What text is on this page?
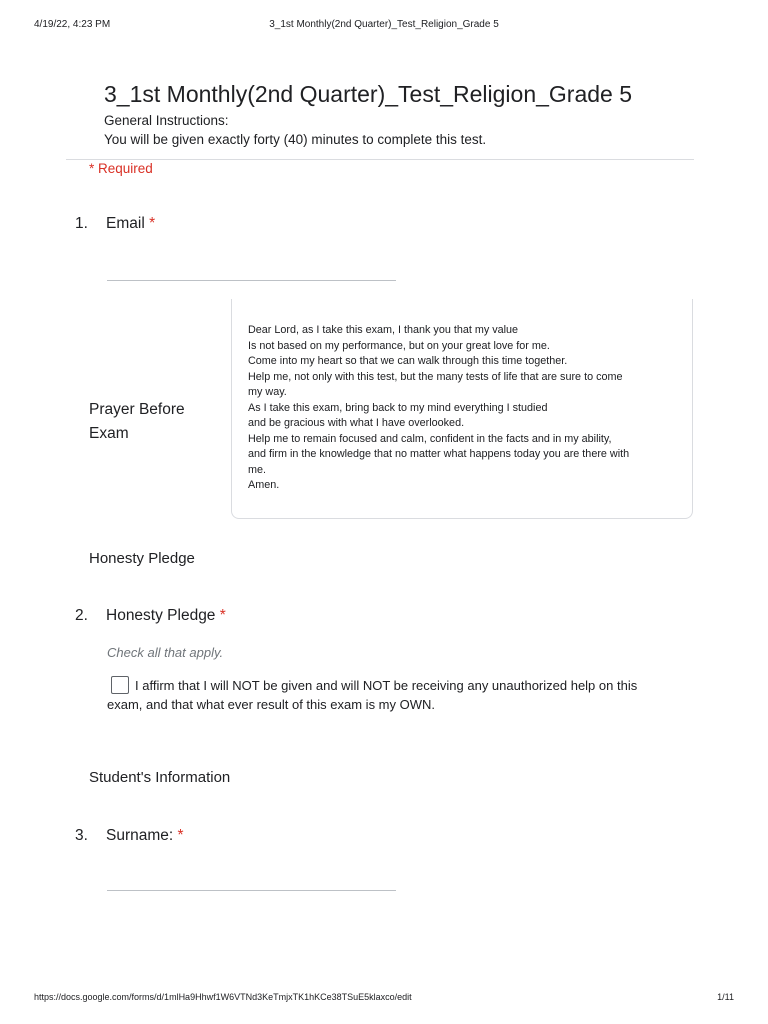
4/19/22, 4:23 PM	3_1st Monthly(2nd Quarter)_Test_Religion_Grade 5
3_1st Monthly(2nd Quarter)_Test_Religion_Grade 5
General Instructions:
You will be given exactly forty (40) minutes to complete this test.
* Required
1. Email *
Prayer Before
Exam
Dear Lord, as I take this exam, I thank you that my value
Is not based on my performance, but on your great love for me.
Come into my heart so that we can walk through this time together.
Help me, not only with this test, but the many tests of life that are sure to come
my way.
As I take this exam, bring back to my mind everything I studied
and be gracious with what I have overlooked.
Help me to remain focused and calm, confident in the facts and in my ability,
and firm in the knowledge that no matter what happens today you are there with
me.
Amen.
Honesty Pledge
2. Honesty Pledge *
Check all that apply.
I affirm that I will NOT be given and will NOT be receiving any unauthorized help on this
exam, and that what ever result of this exam is my OWN.
Student's Information
3. Surname: *
https://docs.google.com/forms/d/1mlHa9Hhwf1W6VTNd3KeTmjxTK1hKCe38TSuE5klaxco/edit	1/11
